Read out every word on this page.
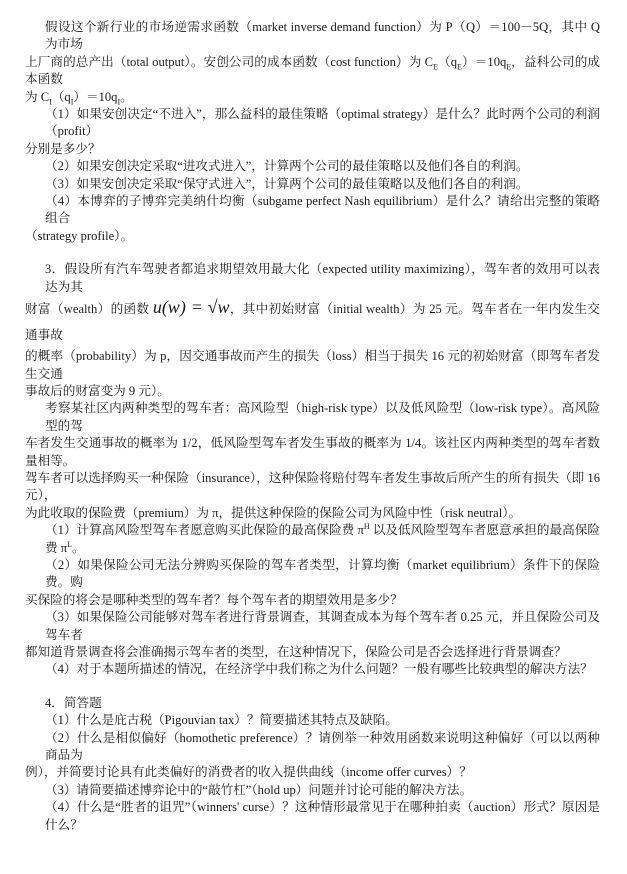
假设这个新行业的市场逆需求函数（market inverse demand function）为 P（Q）＝100－5Q，其中 Q 为市场
上厂商的总产出（total output）。安创公司的成本函数（cost function）为 $C_E(q_E)=10q_E$，益科公司的成本函数
为 $C_I(q_I)=10q_I$。
（1）如果安创决定“不进入”，那么益科的最佳策略（optimal strategy）是什么？此时两个公司的利润（profit）
分别是多少？
（2）如果安创决定采取“进攻式进入”，计算两个公司的最佳策略以及他们各自的利润。
（3）如果安创决定采取“保守式进入”，计算两个公司的最佳策略以及他们各自的利润。
（4）本博弈的子博弈完美纳什均衡（subgame perfect Nash equilibrium）是什么？请给出完整的策略组合
（strategy profile）。
3．假设所有汽车驾驶者都追求期望效用最大化（expected utility maximizing），驾车者的效用可以表达为其
财富（wealth）的函数 u(w) = √w，其中初始财富（initial wealth）为 25 元。驾车者在一年内发生交通事故
的概率（probability）为 p，因交通事故而产生的损失（loss）相当于损失 16 元的初始财富（即驾车者发生交通
事故后的财富变为 9 元）。
考察某社区内两种类型的驾车者：高风险型（high-risk type）以及低风险型（low-risk type）。高风险型的驾
车者发生交通事故的概率为 1/2，低风险型驾车者发生事故的概率为 1/4。该社区内两种类型的驾车者数量相等。
驾车者可以选择购买一种保险（insurance），这种保险将赔付驾车者发生事故后所产生的所有损失（即 16 元），
为此收取的保险费（premium）为 π，提供这种保险的保险公司为风险中性（risk neutral）。
（1）计算高风险型驾车者愿意购买此保险的最高保险费 $\pi^H$ 以及低风险型驾车者愿意承担的最高保险费 $\pi^L$。
（2）如果保险公司无法分辨购买保险的驾车者类型，计算均衡（market equilibrium）条件下的保险费。购
买保险的将会是哪种类型的驾车者？每个驾车者的期望效用是多少？
（3）如果保险公司能够对驾车者进行背景调查，其调查成本为每个驾车者 0.25 元，并且保险公司及驾车者
都知道背景调查将会准确揭示驾车者的类型，在这种情况下，保险公司是否会选择进行背景调查？
（4）对于本题所描述的情况，在经济学中我们称之为什么问题？一般有哪些比较典型的解决方法？
4．简答题
（1）什么是庇古税（Pigouvian tax）？简要描述其特点及缺陷。
（2）什么是相似偏好（homothetic preference）？请例举一种效用函数来说明这种偏好（可以以两种商品为
例），并简要讨论具有此类偏好的消费者的收入提供曲线（income offer curves）？
（3）请简要描述博弈论中的“敲竹杠”（hold up）问题并讨论可能的解决方法。
（4）什么是“胜者的诅咒”（winners' curse）？这种情形最常见于在哪种拍卖（auction）形式？原因是什么？
